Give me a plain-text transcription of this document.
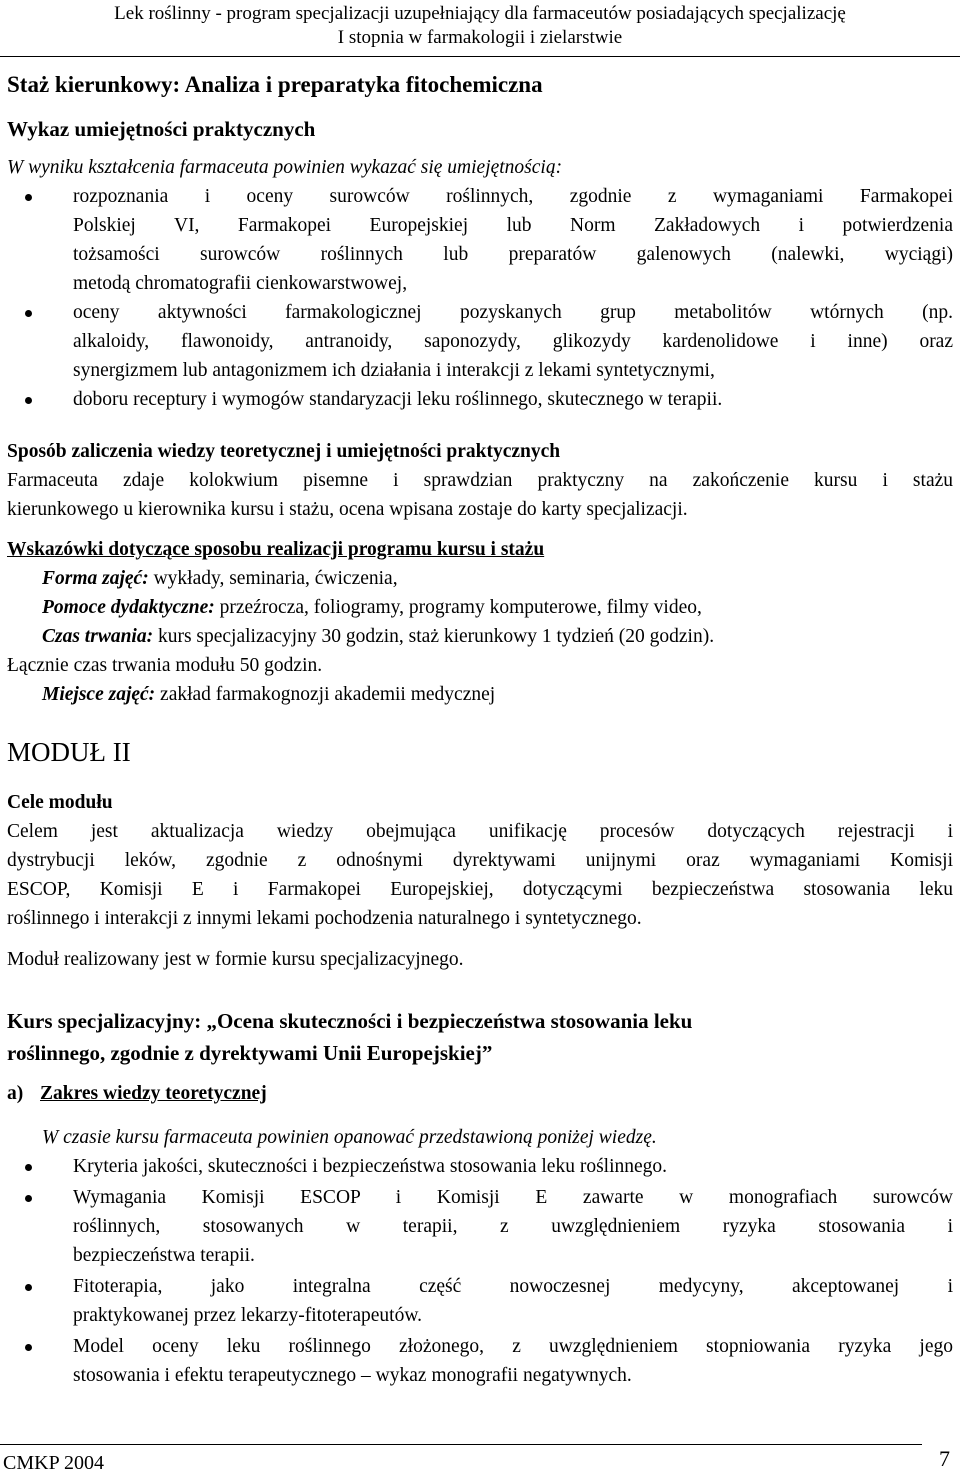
Lek roślinny - program specjalizacji uzupełniający dla farmaceutów posiadających specjalizację
I stopnia w farmakologii i zielarstwie
Staż kierunkowy: Analiza i preparatyka fitochemiczna
Wykaz umiejętności praktycznych
W wyniku kształcenia farmaceuta powinien wykazać się umiejętnością:
rozpoznania i oceny surowców roślinnych, zgodnie z wymaganiami Farmakopei
Polskiej VI, Farmakopei Europejskiej lub Norm Zakładowych i potwierdzenia
tożsamości surowców roślinnych lub preparatów galenowych (nalewki, wyciągi)
metodą chromatografii cienkowarstwowej,
oceny aktywności farmakologicznej pozyskanych grup metabolitów wtórnych (np.
alkaloidy, flawonoidy, antranoidy, saponozydy, glikozydy kardenolidowe i inne) oraz
synergizmem lub antagonizmem ich działania i interakcji z lekami syntetycznymi,
doboru receptury i wymogów standaryzacji leku roślinnego, skutecznego w terapii.
Sposób zaliczenia wiedzy teoretycznej i umiejętności praktycznych
Farmaceuta zdaje kolokwium pisemne i sprawdzian praktyczny na zakończenie kursu i stażu
kierunkowego u kierownika kursu i stażu, ocena wpisana zostaje do karty specjalizacji.
Wskazówki dotyczące sposobu realizacji programu kursu i stażu
Forma zajęć: wykłady, seminaria, ćwiczenia,
Pomoce dydaktyczne: przeźrocza, foliogramy, programy komputerowe, filmy video,
Czas trwania: kurs specjalizacyjny 30 godzin, staż kierunkowy 1 tydzień (20 godzin).
Łącznie czas trwania modułu 50 godzin.
Miejsce zajęć: zakład farmakognozji akademii medycznej
MODUŁ II
Cele modułu
Celem jest aktualizacja wiedzy obejmująca unifikację procesów dotyczących rejestracji i
dystrybucji leków, zgodnie z odnośnymi dyrektywami unijnymi oraz wymaganiami Komisji
ESCOP, Komisji E i Farmakopei Europejskiej, dotyczącymi bezpieczeństwa stosowania leku
roślinnego i interakcji z innymi lekami pochodzenia naturalnego i syntetycznego.
Moduł realizowany jest w formie kursu specjalizacyjnego.
Kurs specjalizacyjny: „Ocena skuteczności i bezpieczeństwa stosowania leku
roślinnego, zgodnie z dyrektywami Unii Europejskiej”
a) Zakres wiedzy teoretycznej
W czasie kursu farmaceuta powinien opanować przedstawioną poniżej wiedzę.
Kryteria jakości, skuteczności i bezpieczeństwa stosowania leku roślinnego.
Wymagania Komisji ESCOP i Komisji E zawarte w monografiach surowców
roślinnych, stosowanych w terapii, z uwzględnieniem ryzyka stosowania i
bezpieczeństwa terapii.
Fitoterapia, jako integralna część nowoczesnej medycyny, akceptowanej i
praktykowanej przez lekarzy-fitoterapeutów.
Model oceny leku roślinnego złożonego, z uwzględnieniem stopniowania ryzyka jego
stosowania i efektu terapeutycznego – wykaz monografii negatywnych.
CMKP 2004	7
